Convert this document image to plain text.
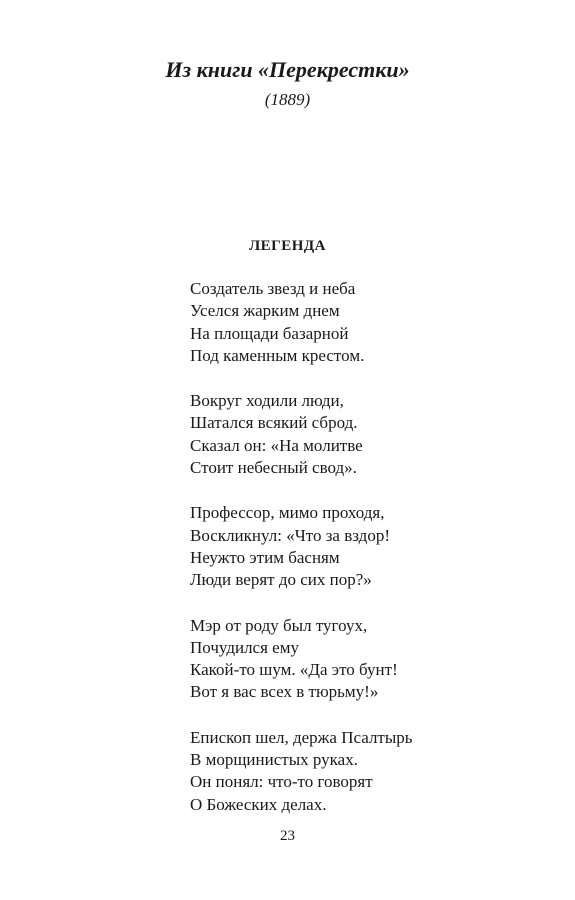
Из книги «Перекрестки»
(1889)
ЛЕГЕНДА
Создатель звезд и неба
Уселся жарким днем
На площади базарной
Под каменным крестом.
Вокруг ходили люди,
Шатался всякий сброд.
Сказал он: «На молитве
Стоит небесный свод».
Профессор, мимо проходя,
Воскликнул: «Что за вздор!
Неужто этим басням
Люди верят до сих пор?»
Мэр от роду был тугоух,
Почудился ему
Какой-то шум. «Да это бунт!
Вот я вас всех в тюрьму!»
Епископ шел, держа Псалтырь
В морщинистых руках.
Он понял: что-то говорят
О Божеских делах.
23
